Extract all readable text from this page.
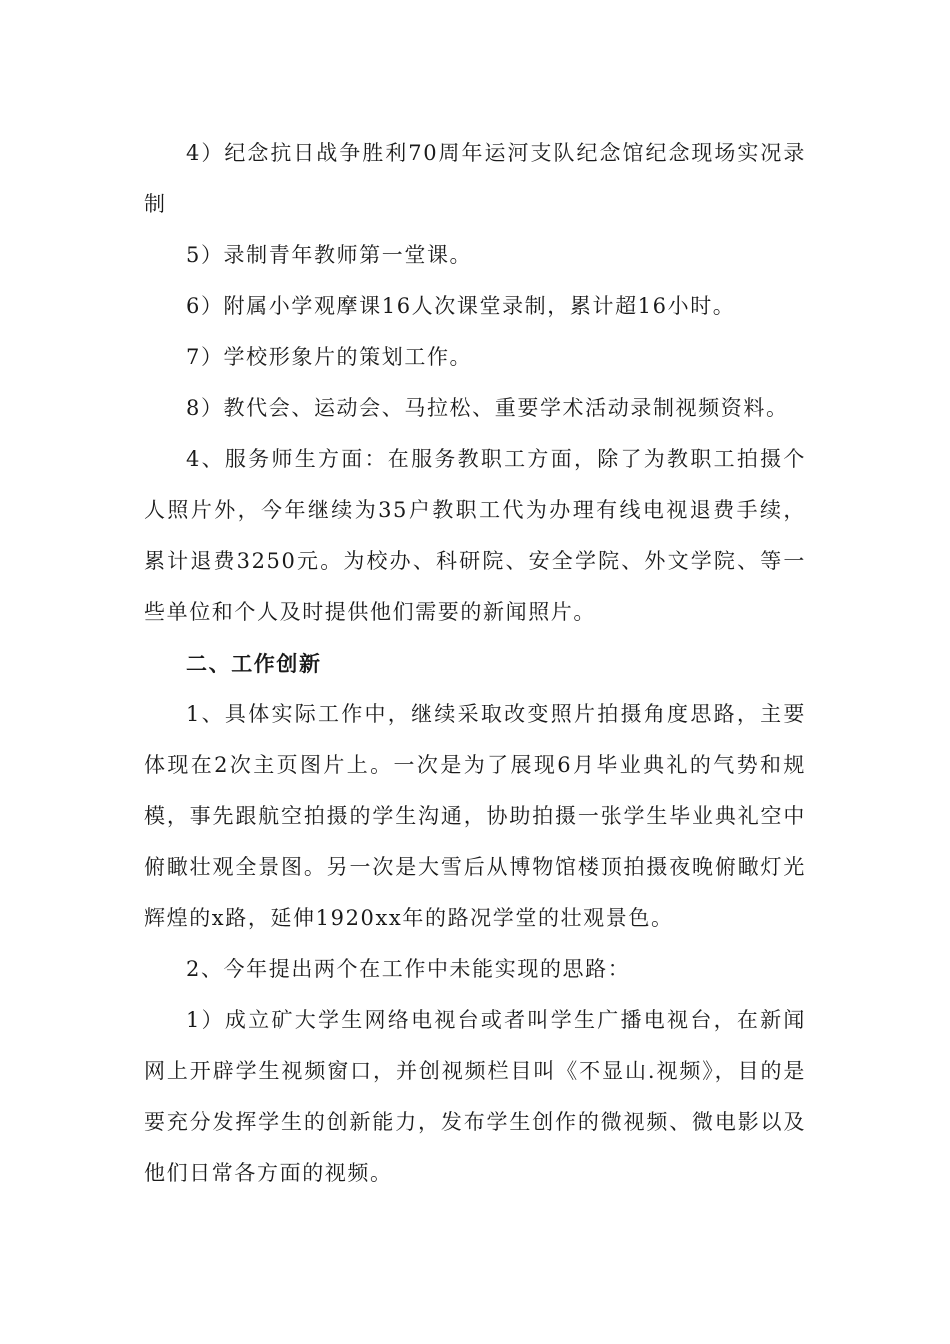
4）纪念抗日战争胜利70周年运河支队纪念馆纪念现场实况录制

5）录制青年教师第一堂课。

6）附属小学观摩课16人次课堂录制，累计超16小时。

7）学校形象片的策划工作。

8）教代会、运动会、马拉松、重要学术活动录制视频资料。

4、服务师生方面：在服务教职工方面，除了为教职工拍摄个人照片外，今年继续为35户教职工代为办理有线电视退费手续，累计退费3250元。为校办、科研院、安全学院、外文学院、等一些单位和个人及时提供他们需要的新闻照片。

二、工作创新

1、具体实际工作中，继续采取改变照片拍摄角度思路，主要体现在2次主页图片上。一次是为了展现6月毕业典礼的气势和规模，事先跟航空拍摄的学生沟通，协助拍摄一张学生毕业典礼空中俯瞰壮观全景图。另一次是大雪后从博物馆楼顶拍摄夜晚俯瞰灯光辉煌的x路，延伸1920xx年的路况学堂的壮观景色。

2、今年提出两个在工作中未能实现的思路：

1）成立矿大学生网络电视台或者叫学生广播电视台，在新闻网上开辟学生视频窗口，并创视频栏目叫《不显山.视频》，目的是要充分发挥学生的创新能力，发布学生创作的微视频、微电影以及他们日常各方面的视频。
